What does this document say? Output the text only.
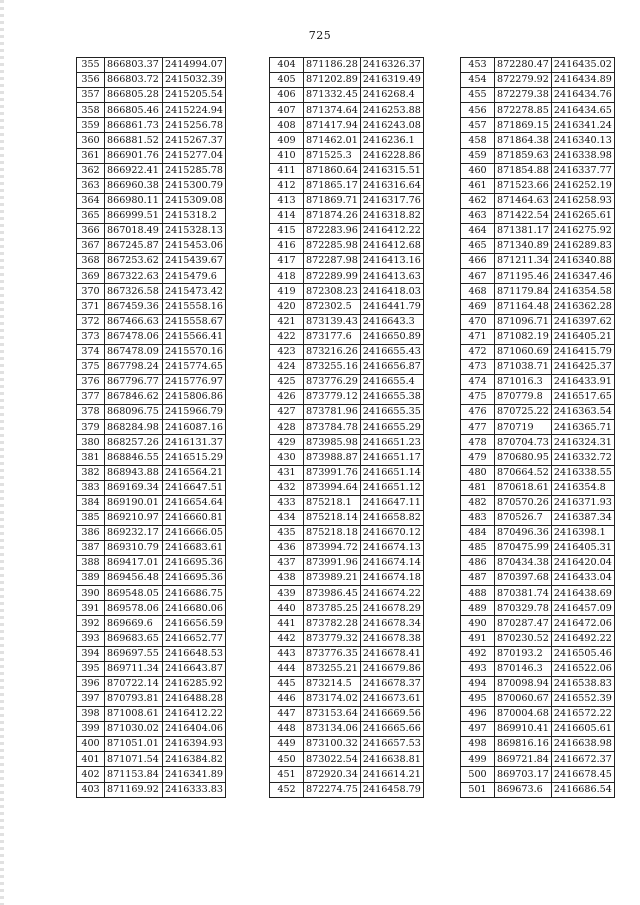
725
355	866803.37	2414994.07
356	866803.72	2415032.39
357	866805.28	2415205.54
358	866805.46	2415224.94
359	866861.73	2415256.78
360	866881.52	2415267.37
361	866901.76	2415277.04
362	866922.41	2415285.78
363	866960.38	2415300.79
364	866980.11	2415309.08
365	866999.51	2415318.2
366	867018.49	2415328.13
367	867245.87	2415453.06
368	867253.62	2415439.67
369	867322.63	2415479.6
370	867326.58	2415473.42
371	867459.36	2415558.16
372	867466.63	2415558.67
373	867478.06	2415566.41
374	867478.09	2415570.16
375	867798.24	2415774.65
376	867796.77	2415776.97
377	867846.62	2415806.86
378	868096.75	2415966.79
379	868284.98	2416087.16
380	868257.26	2416131.37
381	868846.55	2416515.29
382	868943.88	2416564.21
383	869169.34	2416647.51
384	869190.01	2416654.64
385	869210.97	2416660.81
386	869232.17	2416666.05
387	869310.79	2416683.61
388	869417.01	2416695.36
389	869456.48	2416695.36
390	869548.05	2416686.75
391	869578.06	2416680.06
392	869669.6	2416656.59
393	869683.65	2416652.77
394	869697.55	2416648.53
395	869711.34	2416643.87
396	870722.14	2416285.92
397	870793.81	2416488.28
398	871008.61	2416412.22
399	871030.02	2416404.06
400	871051.01	2416394.93
401	871071.54	2416384.82
402	871153.84	2416341.89
403	871169.92	2416333.83
404	871186.28	2416326.37
405	871202.89	2416319.49
406	871332.45	2416268.4
407	871374.64	2416253.88
408	871417.94	2416243.08
409	871462.01	2416236.1
410	871525.3	2416228.86
411	871860.64	2416315.51
412	871865.17	2416316.64
413	871869.71	2416317.76
414	871874.26	2416318.82
415	872283.96	2416412.22
416	872285.98	2416412.68
417	872287.98	2416413.16
418	872289.99	2416413.63
419	872308.23	2416418.03
420	872302.5	2416441.79
421	873139.43	2416643.3
422	873177.6	2416650.89
423	873216.26	2416655.43
424	873255.16	2416656.87
425	873776.29	2416655.4
426	873779.12	2416655.38
427	873781.96	2416655.35
428	873784.78	2416655.29
429	873985.98	2416651.23
430	873988.87	2416651.17
431	873991.76	2416651.14
432	873994.64	2416651.12
433	875218.1	2416647.11
434	875218.14	2416658.82
435	875218.18	2416670.12
436	873994.72	2416674.13
437	873991.96	2416674.14
438	873989.21	2416674.18
439	873986.45	2416674.22
440	873785.25	2416678.29
441	873782.28	2416678.34
442	873779.32	2416678.38
443	873776.35	2416678.41
444	873255.21	2416679.86
445	873214.5	2416678.37
446	873174.02	2416673.61
447	873153.64	2416669.56
448	873134.06	2416665.66
449	873100.32	2416657.53
450	873022.54	2416638.81
451	872920.34	2416614.21
452	872274.75	2416458.79
453	872280.47	2416435.02
454	872279.92	2416434.89
455	872279.38	2416434.76
456	872278.85	2416434.65
457	871869.15	2416341.24
458	871864.38	2416340.13
459	871859.63	2416338.98
460	871854.88	2416337.77
461	871523.66	2416252.19
462	871464.63	2416258.93
463	871422.54	2416265.61
464	871381.17	2416275.92
465	871340.89	2416289.83
466	871211.34	2416340.88
467	871195.46	2416347.46
468	871179.84	2416354.58
469	871164.48	2416362.28
470	871096.71	2416397.62
471	871082.19	2416405.21
472	871060.69	2416415.79
473	871038.71	2416425.37
474	871016.3	2416433.91
475	870779.8	2416517.65
476	870725.22	2416363.54
477	870719	2416365.71
478	870704.73	2416324.31
479	870680.95	2416332.72
480	870664.52	2416338.55
481	870618.61	2416354.8
482	870570.26	2416371.93
483	870526.7	2416387.34
484	870496.36	2416398.1
485	870475.99	2416405.31
486	870434.38	2416420.04
487	870397.68	2416433.04
488	870381.74	2416438.69
489	870329.78	2416457.09
490	870287.47	2416472.06
491	870230.52	2416492.22
492	870193.2	2416505.46
493	870146.3	2416522.06
494	870098.94	2416538.83
495	870060.67	2416552.39
496	870004.68	2416572.22
497	869910.41	2416605.61
498	869816.16	2416638.98
499	869721.84	2416672.37
500	869703.17	2416678.45
501	869673.6	2416686.54
